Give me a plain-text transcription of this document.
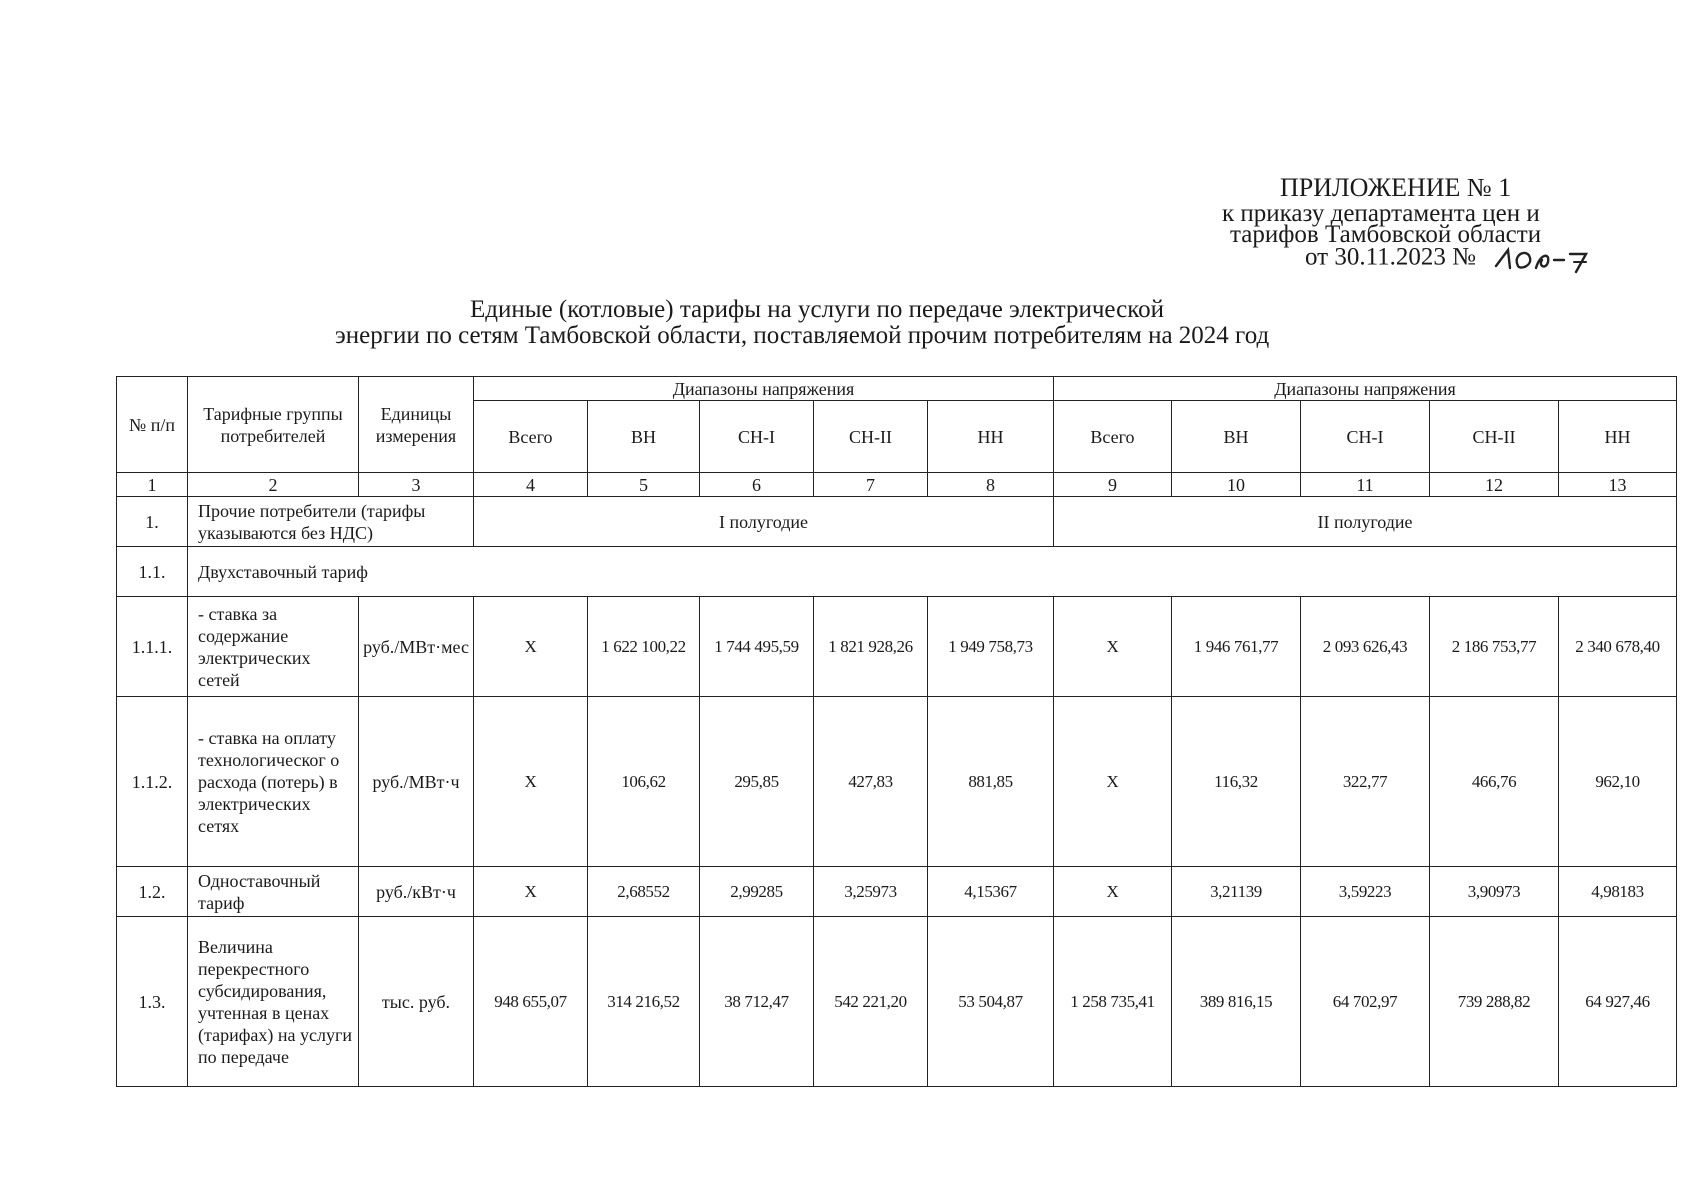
ПРИЛОЖЕНИЕ № 1
к приказу департамента цен и
тарифов Тамбовской области
от 30.11.2023 №
Единые (котловые) тарифы на услуги по передаче электрической
энергии по сетям Тамбовской области, поставляемой прочим потребителям на 2024 год
№ п/п	Тарифные группы потребителей	Единицы измерения	Диапазоны напряжения					Диапазоны напряжения				
			Всего	ВН	СН-I	СН-II	НН	Всего	ВН	СН-I	СН-II	НН
1	2	3	4	5	6	7	8	9	10	11	12	13
1.	Прочие потребители (тарифы указываются без НДС)		I полугодие					II полугодие				
1.1.	Двухставочный тариф											
1.1.1.	- ставка за содержание электрических сетей	руб./МВт·мес	Х	1 622 100,22	1 744 495,59	1 821 928,26	1 949 758,73	Х	1 946 761,77	2 093 626,43	2 186 753,77	2 340 678,40
1.1.2.	- ставка на оплату технологическог о расхода (потерь) в электрических сетях	руб./МВт·ч	Х	106,62	295,85	427,83	881,85	Х	116,32	322,77	466,76	962,10
1.2.	Одноставочный тариф	руб./кВт·ч	Х	2,68552	2,99285	3,25973	4,15367	Х	3,21139	3,59223	3,90973	4,98183
1.3.	Величина перекрестного субсидирования, учтенная в ценах (тарифах) на услуги по передаче	тыс. руб.	948 655,07	314 216,52	38 712,47	542 221,20	53 504,87	1 258 735,41	389 816,15	64 702,97	739 288,82	64 927,46
